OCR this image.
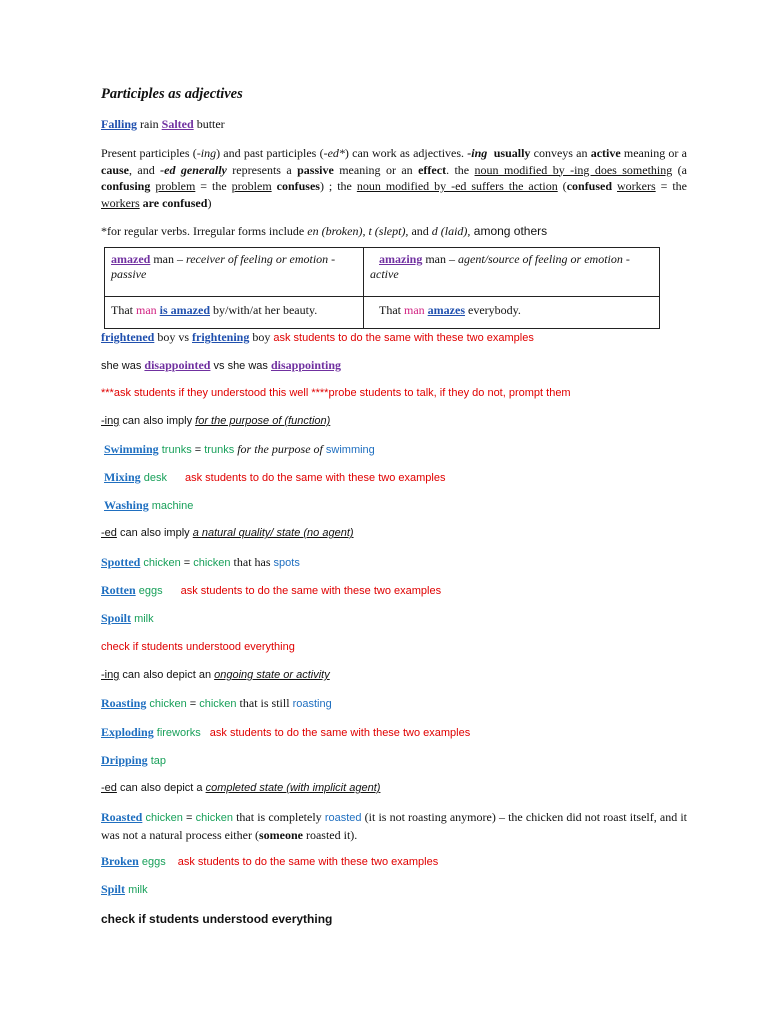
Participles as adjectives
Falling rain Salted butter
Present participles (-ing) and past participles (-ed*) can work as adjectives. -ing usually conveys an active meaning or a cause, and -ed generally represents a passive meaning or an effect. the noun modified by -ing does something (a confusing problem = the problem confuses) ; the noun modified by -ed suffers the action (confused workers = the workers are confused)
*for regular verbs. Irregular forms include en (broken), t (slept), and d (laid), among others
amazed man – receiver of feeling or emotion - passive	amazing man – agent/source of feeling or emotion - active
That man is amazed by/with/at her beauty.	That man amazes everybody.
frightened boy vs frightening boy ask students to do the same with these two examples
she was disappointed vs she was disappointing
***ask students if they understood this well ****probe students to talk, if they do not, prompt them
-ing can also imply for the purpose of (function)
Swimming trunks = trunks for the purpose of swimming
Mixing desk ask students to do the same with these two examples
Washing machine
-ed can also imply a natural quality/ state (no agent)
Spotted chicken = chicken that has spots
Rotten eggs ask students to do the same with these two examples
Spoilt milk
check if students understood everything
-ing can also depict an ongoing state or activity
Roasting chicken = chicken that is still roasting
Exploding fireworks ask students to do the same with these two examples
Dripping tap
-ed can also depict a completed state (with implicit agent)
Roasted chicken = chicken that is completely roasted (it is not roasting anymore) – the chicken did not roast itself, and it was not a natural process either (someone roasted it).
Broken eggs ask students to do the same with these two examples
Spilt milk
check if students understood everything
